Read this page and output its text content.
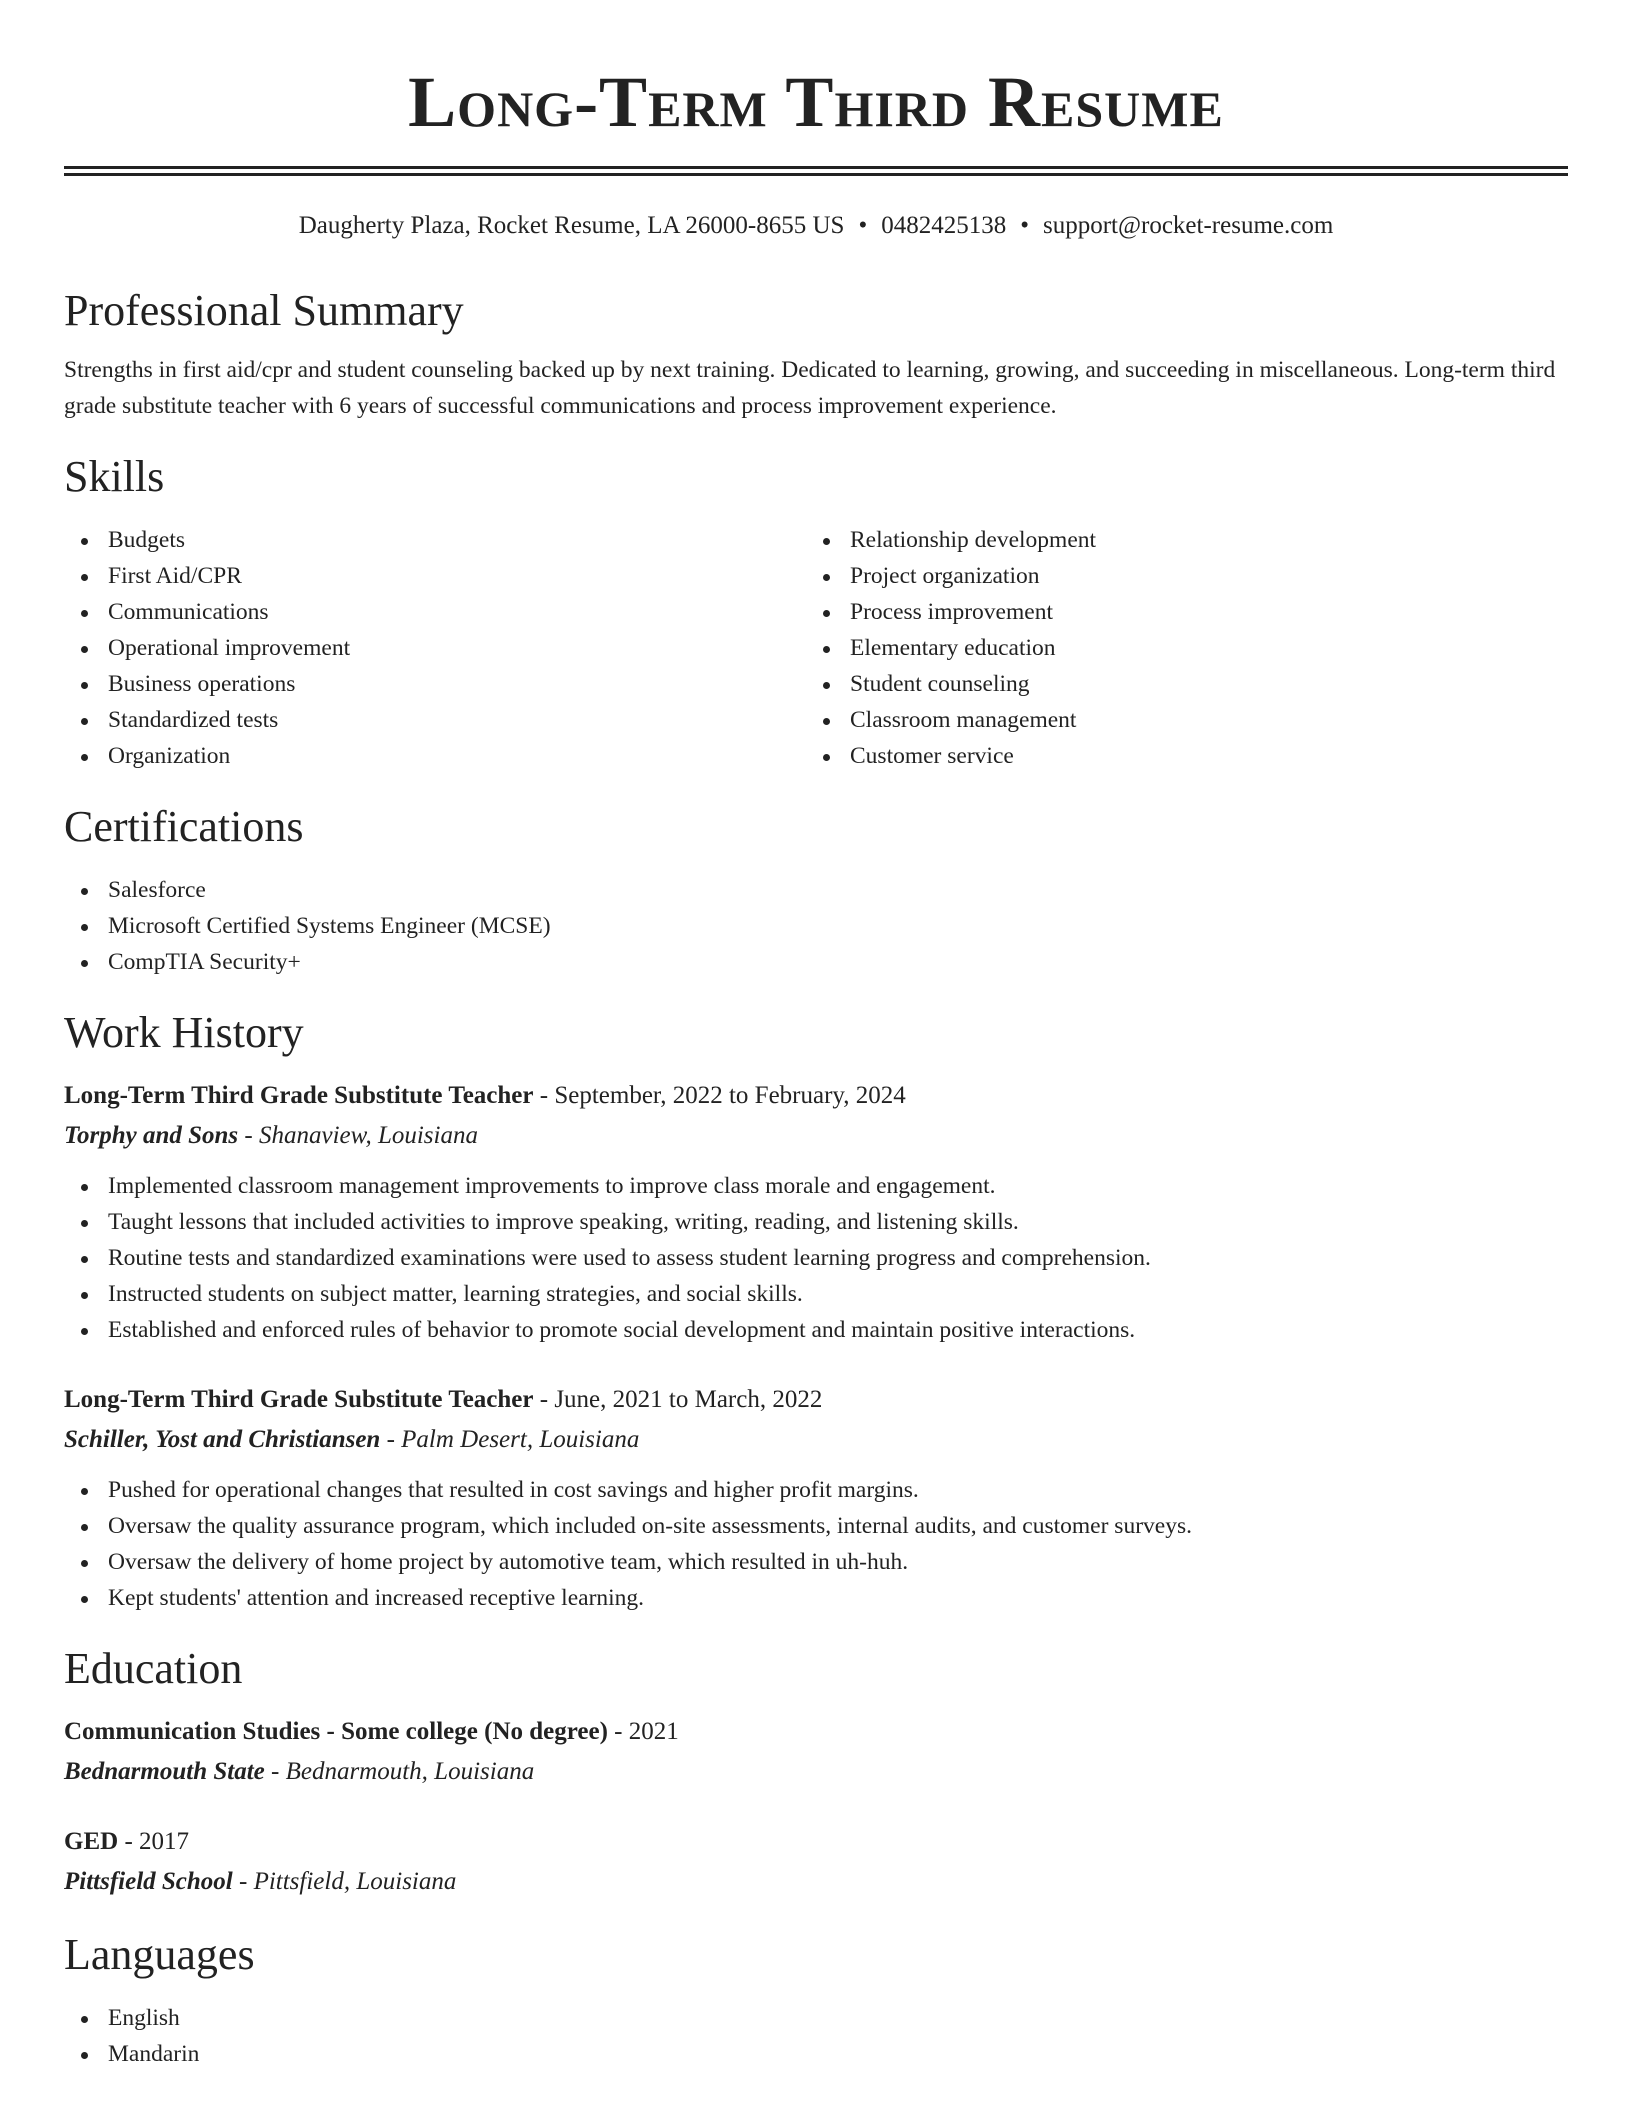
Long-Term Third Resume
Daugherty Plaza, Rocket Resume, LA 26000-8655 US • 0482425138 • support@rocket-resume.com
Professional Summary
Strengths in first aid/cpr and student counseling backed up by next training. Dedicated to learning, growing, and succeeding in miscellaneous. Long-term third grade substitute teacher with 6 years of successful communications and process improvement experience.
Skills
Budgets
First Aid/CPR
Communications
Operational improvement
Business operations
Standardized tests
Organization
Relationship development
Project organization
Process improvement
Elementary education
Student counseling
Classroom management
Customer service
Certifications
Salesforce
Microsoft Certified Systems Engineer (MCSE)
CompTIA Security+
Work History
Long-Term Third Grade Substitute Teacher - September, 2022 to February, 2024
Torphy and Sons - Shanaview, Louisiana
Implemented classroom management improvements to improve class morale and engagement.
Taught lessons that included activities to improve speaking, writing, reading, and listening skills.
Routine tests and standardized examinations were used to assess student learning progress and comprehension.
Instructed students on subject matter, learning strategies, and social skills.
Established and enforced rules of behavior to promote social development and maintain positive interactions.
Long-Term Third Grade Substitute Teacher - June, 2021 to March, 2022
Schiller, Yost and Christiansen - Palm Desert, Louisiana
Pushed for operational changes that resulted in cost savings and higher profit margins.
Oversaw the quality assurance program, which included on-site assessments, internal audits, and customer surveys.
Oversaw the delivery of home project by automotive team, which resulted in uh-huh.
Kept students' attention and increased receptive learning.
Education
Communication Studies - Some college (No degree) - 2021
Bednarmouth State - Bednarmouth, Louisiana
GED - 2017
Pittsfield School - Pittsfield, Louisiana
Languages
English
Mandarin
